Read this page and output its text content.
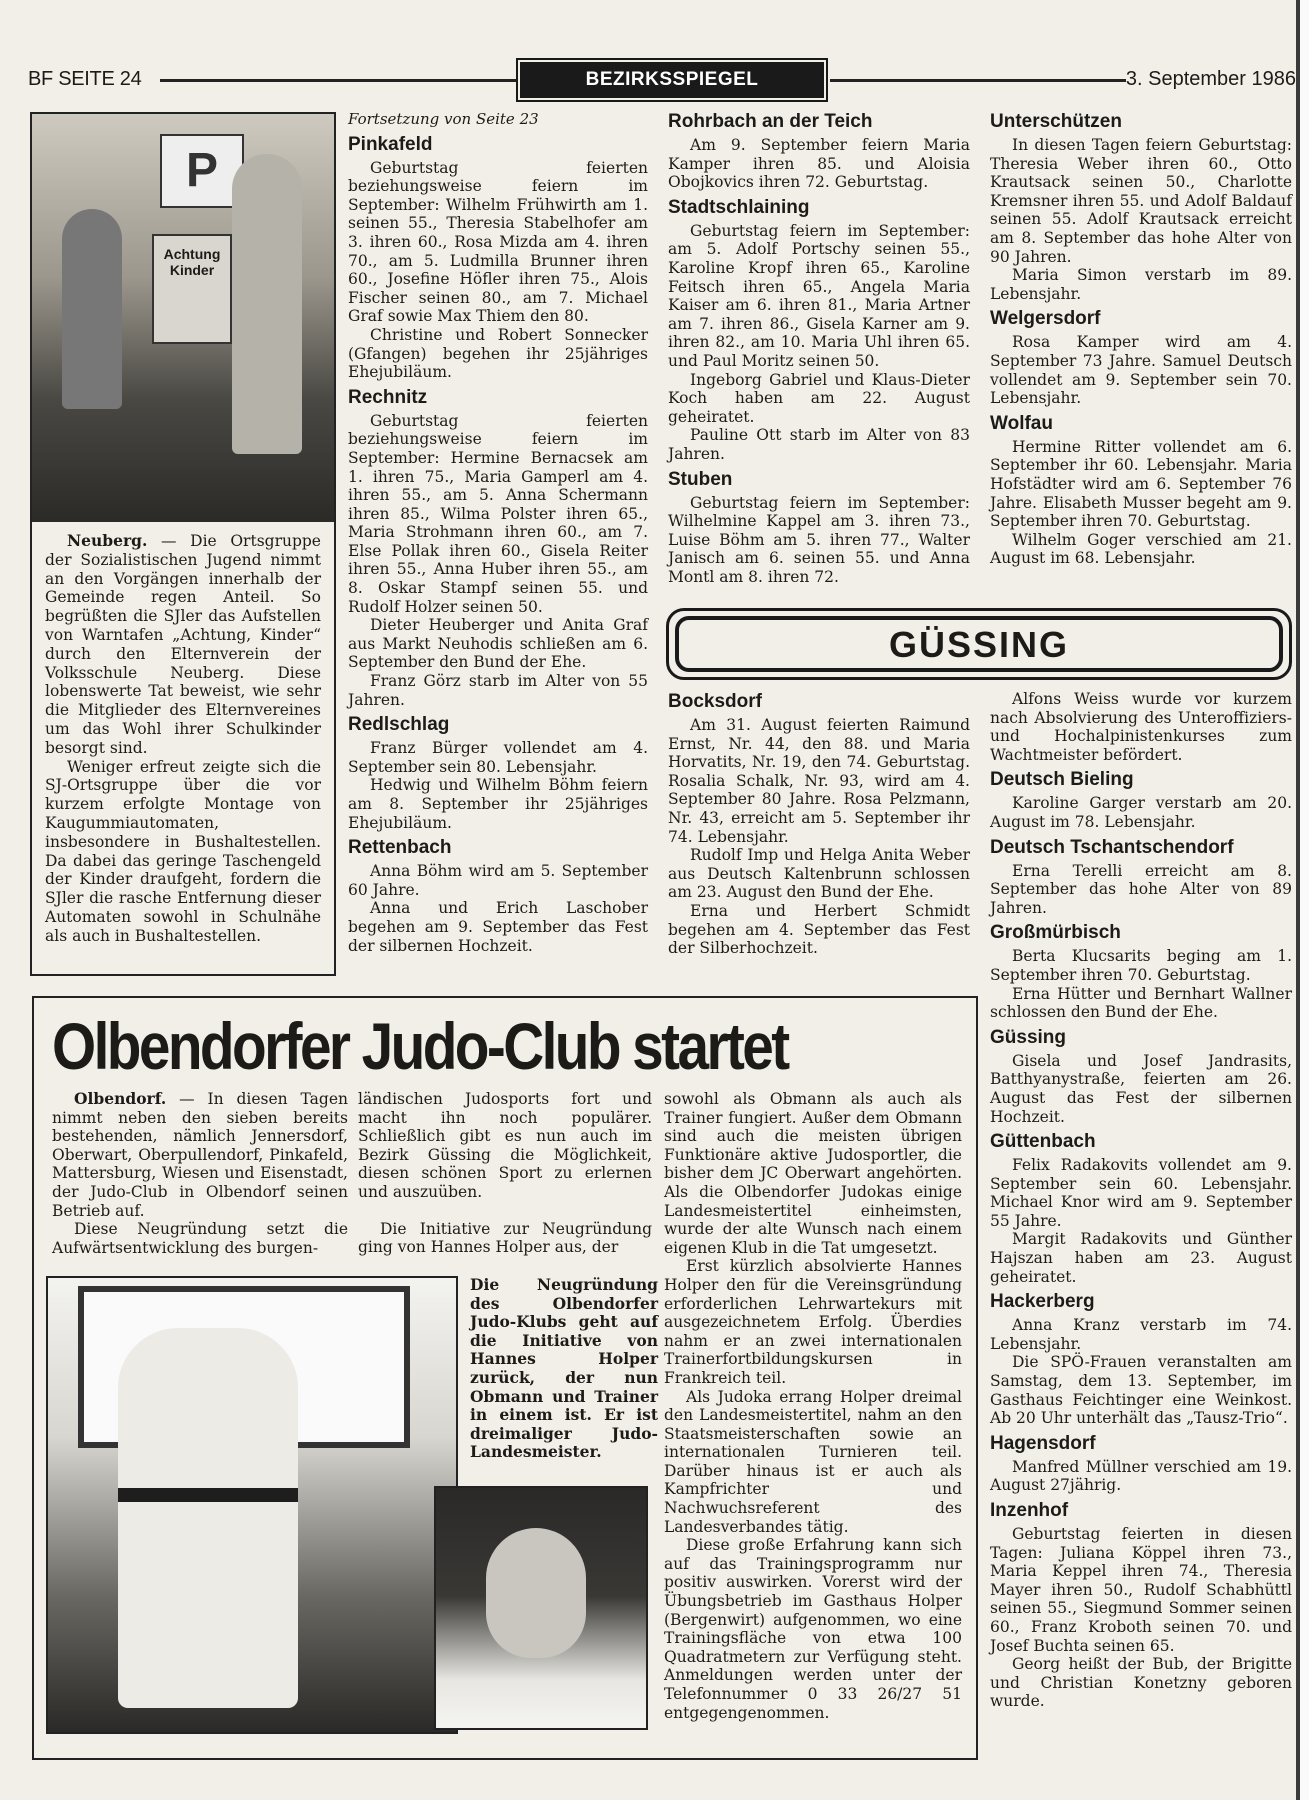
BF SEITE 24	BEZIRKSSPIEGEL	3. September 1986
P
Achtung Kinder

Neuberg. — Die Ortsgruppe der Sozialistischen Jugend nimmt an den Vorgängen innerhalb der Gemeinde regen Anteil. So begrüßten die SJler das Aufstellen von Warntafen „Achtung, Kinder“ durch den Elternverein der Volksschule Neuberg. Diese lobenswerte Tat beweist, wie sehr die Mitglieder des Elternvereines um das Wohl ihrer Schulkinder besorgt sind.

Weniger erfreut zeigte sich die SJ-Ortsgruppe über die vor kurzem erfolgte Montage von Kaugummiautomaten, insbesondere in Bushaltestellen. Da dabei das geringe Taschengeld der Kinder draufgeht, fordern die SJler die rasche Entfernung dieser Automaten sowohl in Schulnähe als auch in Bushaltestellen.

Fortsetzung von Seite 23

Pinkafeld

Geburtstag feierten beziehungsweise feiern im September: Wilhelm Frühwirth am 1. seinen 55., Theresia Stabelhofer am 3. ihren 60., Rosa Mizda am 4. ihren 70., am 5. Ludmilla Brunner ihren 60., Josefine Höfler ihren 75., Alois Fischer seinen 80., am 7. Michael Graf sowie Max Thiem den 80.

Christine und Robert Sonnecker (Gfangen) begehen ihr 25jähriges Ehejubiläum.

Rechnitz

Geburtstag feierten beziehungsweise feiern im September: Hermine Bernacsek am 1. ihren 75., Maria Gamperl am 4. ihren 55., am 5. Anna Schermann ihren 85., Wilma Polster ihren 65., Maria Strohmann ihren 60., am 7. Else Pollak ihren 60., Gisela Reiter ihren 55., Anna Huber ihren 55., am 8. Oskar Stampf seinen 55. und Rudolf Holzer seinen 50.

Dieter Heuberger und Anita Graf aus Markt Neuhodis schließen am 6. September den Bund der Ehe.

Franz Görz starb im Alter von 55 Jahren.

Redlschlag

Franz Bürger vollendet am 4. September sein 80. Lebensjahr.

Hedwig und Wilhelm Böhm feiern am 8. September ihr 25jähriges Ehejubiläum.

Rettenbach

Anna Böhm wird am 5. September 60 Jahre.

Anna und Erich Laschober begehen am 9. September das Fest der silbernen Hochzeit.

Rohrbach an der Teich

Am 9. September feiern Maria Kamper ihren 85. und Aloisia Obojkovics ihren 72. Geburtstag.

Stadtschlaining

Geburtstag feiern im September: am 5. Adolf Portschy seinen 55., Karoline Kropf ihren 65., Karoline Feitsch ihren 65., Angela Maria Kaiser am 6. ihren 81., Maria Artner am 7. ihren 86., Gisela Karner am 9. ihren 82., am 10. Maria Uhl ihren 65. und Paul Moritz seinen 50.

Ingeborg Gabriel und Klaus-Dieter Koch haben am 22. August geheiratet.

Pauline Ott starb im Alter von 83 Jahren.

Stuben

Geburtstag feiern im September: Wilhelmine Kappel am 3. ihren 73., Luise Böhm am 5. ihren 77., Walter Janisch am 6. seinen 55. und Anna Montl am 8. ihren 72.

Unterschützen

In diesen Tagen feiern Geburtstag: Theresia Weber ihren 60., Otto Krautsack seinen 50., Charlotte Kremsner ihren 55. und Adolf Baldauf seinen 55. Adolf Krautsack erreicht am 8. September das hohe Alter von 90 Jahren.

Maria Simon verstarb im 89. Lebensjahr.

Welgersdorf

Rosa Kamper wird am 4. September 73 Jahre. Samuel Deutsch vollendet am 9. September sein 70. Lebensjahr.

Wolfau

Hermine Ritter vollendet am 6. September ihr 60. Lebensjahr. Maria Hofstädter wird am 6. September 76 Jahre. Elisabeth Musser begeht am 9. September ihren 70. Geburtstag.

Wilhelm Goger verschied am 21. August im 68. Lebensjahr.

GÜSSING
Bocksdorf

Am 31. August feierten Raimund Ernst, Nr. 44, den 88. und Maria Horvatits, Nr. 19, den 74. Geburtstag. Rosalia Schalk, Nr. 93, wird am 4. September 80 Jahre. Rosa Pelzmann, Nr. 43, erreicht am 5. September ihr 74. Lebensjahr.

Rudolf Imp und Helga Anita Weber aus Deutsch Kaltenbrunn schlossen am 23. August den Bund der Ehe.

Erna und Herbert Schmidt begehen am 4. September das Fest der Silberhochzeit.

Alfons Weiss wurde vor kurzem nach Absolvierung des Unteroffiziers- und Hochalpinistenkurses zum Wachtmeister befördert.

Deutsch Bieling

Karoline Garger verstarb am 20. August im 78. Lebensjahr.

Deutsch Tschantschendorf

Erna Terelli erreicht am 8. September das hohe Alter von 89 Jahren.

Großmürbisch

Berta Klucsarits beging am 1. September ihren 70. Geburtstag.

Erna Hütter und Bernhart Wallner schlossen den Bund der Ehe.

Güssing

Gisela und Josef Jandrasits, Batthyanystraße, feierten am 26. August das Fest der silbernen Hochzeit.

Güttenbach

Felix Radakovits vollendet am 9. September sein 60. Lebensjahr. Michael Knor wird am 9. September 55 Jahre.

Margit Radakovits und Günther Hajszan haben am 23. August geheiratet.

Hackerberg

Anna Kranz verstarb im 74. Lebensjahr.

Die SPÖ-Frauen veranstalten am Samstag, dem 13. September, im Gasthaus Feichtinger eine Weinkost. Ab 20 Uhr unterhält das „Tausz-Trio“.

Hagensdorf

Manfred Müllner verschied am 19. August 27jährig.

Inzenhof

Geburtstag feierten in diesen Tagen: Juliana Köppel ihren 73., Maria Keppel ihren 74., Theresia Mayer ihren 50., Rudolf Schabhüttl seinen 55., Siegmund Sommer seinen 60., Franz Kroboth seinen 70. und Josef Buchta seinen 65.

Georg heißt der Bub, der Brigitte und Christian Konetzny geboren wurde.

Olbendorfer Judo-Club startet

Olbendorf. — In diesen Tagen nimmt neben den sieben bereits bestehenden, nämlich Jennersdorf, Oberwart, Oberpullendorf, Pinkafeld, Mattersburg, Wiesen und Eisenstadt, der Judo-Club in Olbendorf seinen Betrieb auf.

Diese Neugründung setzt die Aufwärtsentwicklung des burgen-

ländischen Judosports fort und macht ihn noch populärer. Schließlich gibt es nun auch im Bezirk Güssing die Möglichkeit, diesen schönen Sport zu erlernen und auszuüben.

Die Initiative zur Neugründung ging von Hannes Holper aus, der

Die Neugründung des Olbendorfer Judo-Klubs geht auf die Initiative von Hannes Holper zurück, der nun Obmann und Trainer in einem ist. Er ist dreimaliger Judo-Landesmeister.

sowohl als Obmann als auch als Trainer fungiert. Außer dem Obmann sind auch die meisten übrigen Funktionäre aktive Judosportler, die bisher dem JC Oberwart angehörten. Als die Olbendorfer Judokas einige Landesmeistertitel einheimsten, wurde der alte Wunsch nach einem eigenen Klub in die Tat umgesetzt.

Erst kürzlich absolvierte Hannes Holper den für die Vereinsgründung erforderlichen Lehrwartekurs mit ausgezeichnetem Erfolg. Überdies nahm er an zwei internationalen Trainerfortbildungskursen in Frankreich teil.

Als Judoka errang Holper dreimal den Landesmeistertitel, nahm an den Staatsmeisterschaften sowie an internationalen Turnieren teil. Darüber hinaus ist er auch als Kampfrichter und Nachwuchsreferent des Landesverbandes tätig.

Diese große Erfahrung kann sich auf das Trainingsprogramm nur positiv auswirken. Vorerst wird der Übungsbetrieb im Gasthaus Holper (Bergenwirt) aufgenommen, wo eine Trainingsfläche von etwa 100 Quadratmetern zur Verfügung steht. Anmeldungen werden unter der Telefonnummer 0 33 26/27 51 entgegengenommen.
